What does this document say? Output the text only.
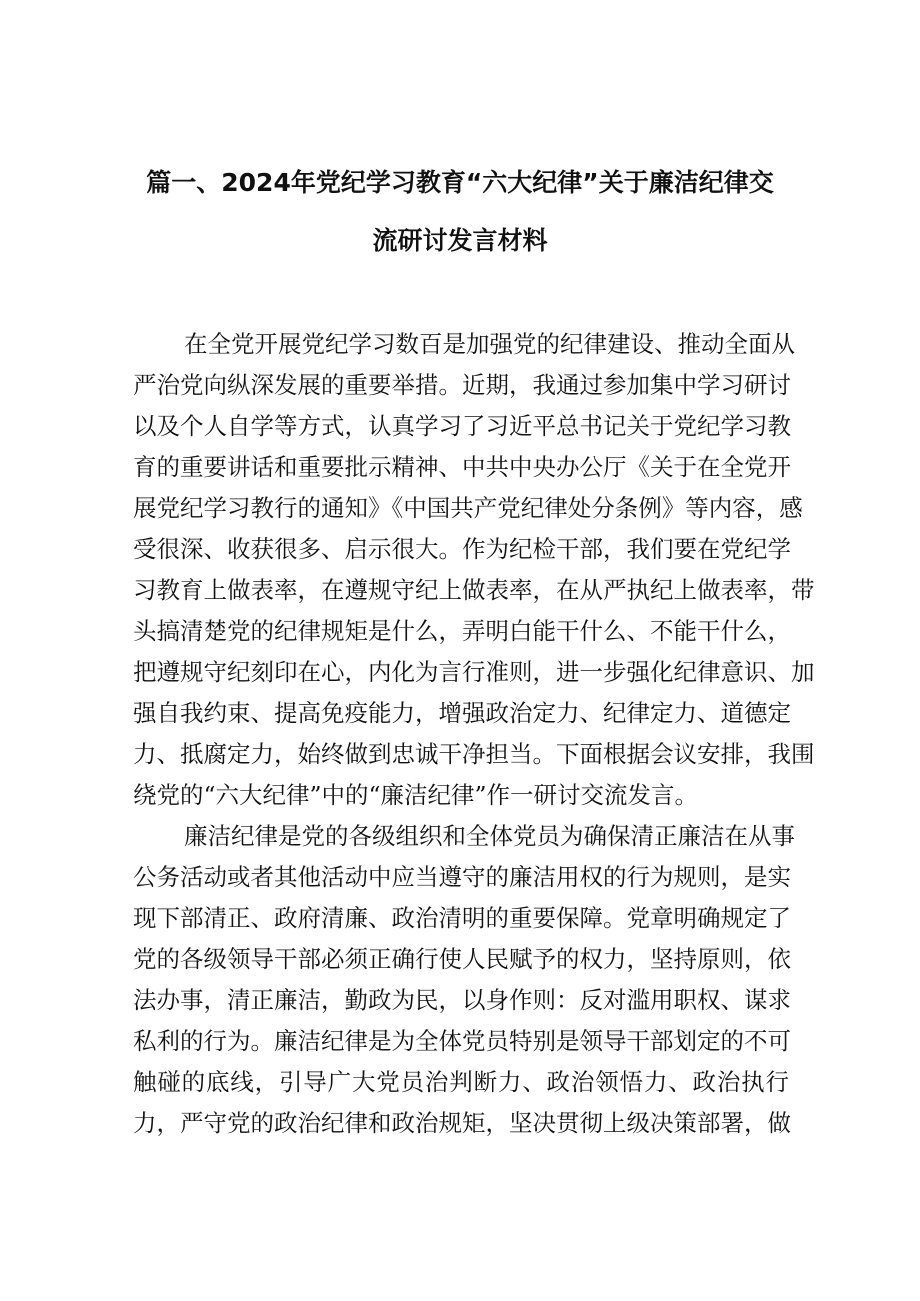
篇一、2024年党纪学习教育“六大纪律”关于廉洁纪律交
流研讨发言材料
在全党开展党纪学习数百是加强党的纪律建设、推动全面从
严治党向纵深发展的重要举措。近期，我通过参加集中学习研讨
以及个人自学等方式，认真学习了习近平总书记关于党纪学习教
育的重要讲话和重要批示精神、中共中央办公厅《关于在全党开
展党纪学习教行的通知》《中国共产党纪律处分条例》等内容，感
受很深、收获很多、启示很大。作为纪检干部，我们要在党纪学
习教育上做表率，在遵规守纪上做表率，在从严执纪上做表率，带
头搞清楚党的纪律规矩是什么，弄明白能干什么、不能干什么，
把遵规守纪刻印在心，内化为言行准则，进一步强化纪律意识、加
强自我约束、提高免疫能力，增强政治定力、纪律定力、道德定
力、抵腐定力，始终做到忠诚干净担当。下面根据会议安排，我围
绕党的“六大纪律”中的“廉洁纪律”作一研讨交流发言。
廉洁纪律是党的各级组织和全体党员为确保清正廉洁在从事
公务活动或者其他活动中应当遵守的廉洁用权的行为规则，是实
现下部清正、政府清廉、政治清明的重要保障。党章明确规定了
党的各级领导干部必须正确行使人民赋予的权力，坚持原则，依
法办事，清正廉洁，勤政为民，以身作则：反对滥用职权、谋求
私利的行为。廉洁纪律是为全体党员特别是领导干部划定的不可
触碰的底线，引导广大党员治判断力、政治领悟力、政治执行
力，严守党的政治纪律和政治规矩，坚决贯彻上级决策部署，做
